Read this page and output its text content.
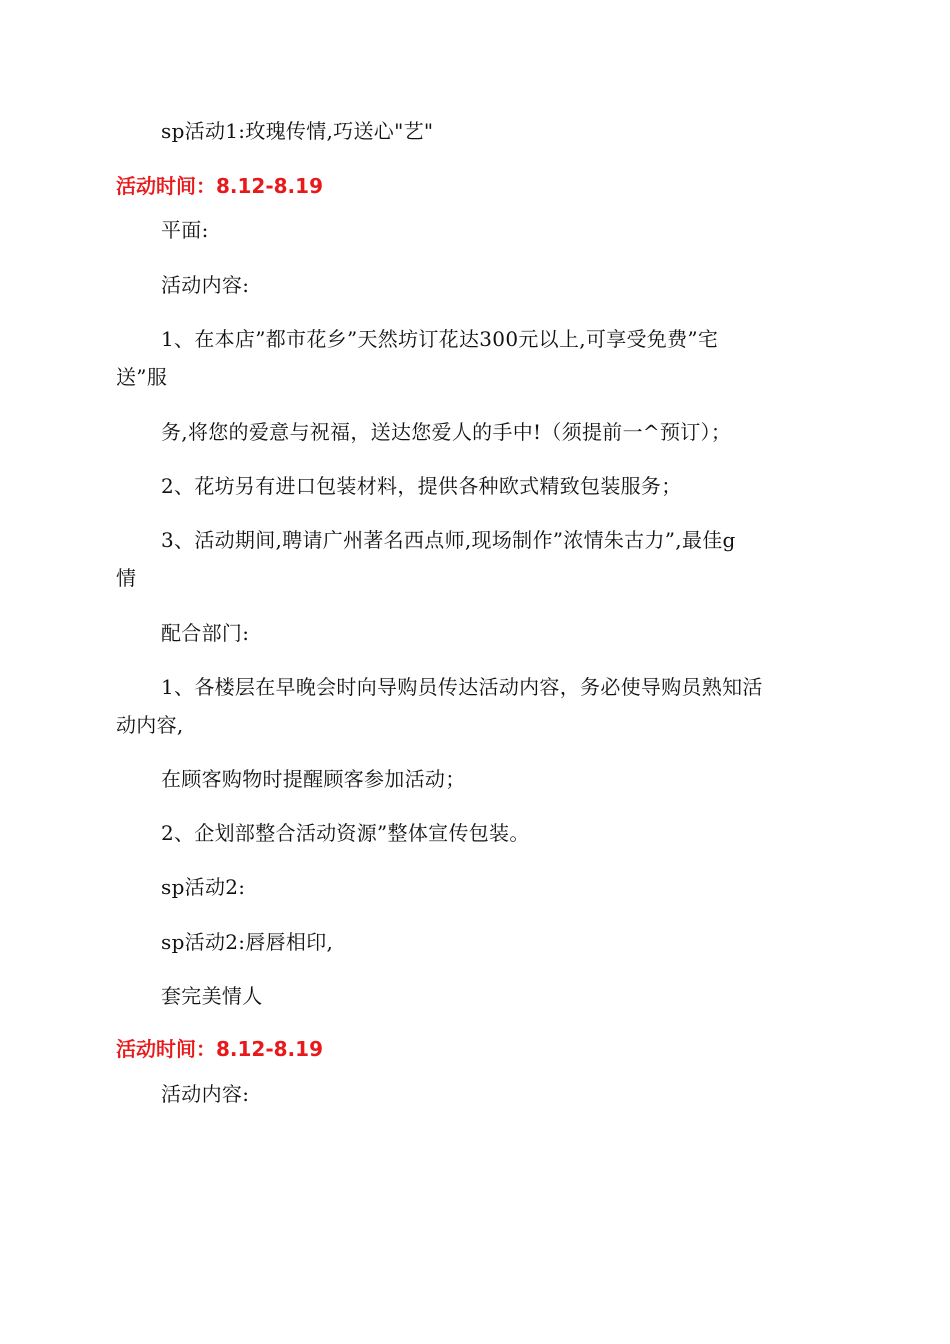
sp活动1:玫瑰传情,巧送心"艺"
活动时间：8.12-8.19
平面:
活动内容:
1、在本店”都市花乡”天然坊订花达300元以上,可享受免费”宅
送”服
务,将您的爱意与祝福，送达您爱人的手中!（须提前一^预订）；
2、花坊另有进口包装材料，提供各种欧式精致包装服务；
3、活动期间,聘请广州著名西点师,现场制作”浓情朱古力”,最佳g
情
配合部门:
1、各楼层在早晚会时向导购员传达活动内容，务必使导购员熟知活
动内容,
在顾客购物时提醒顾客参加活动；
2、企划部整合活动资源”整体宣传包装。
sp活动2:
sp活动2:唇唇相印,
套完美情人
活动时间：8.12-8.19
活动内容:
